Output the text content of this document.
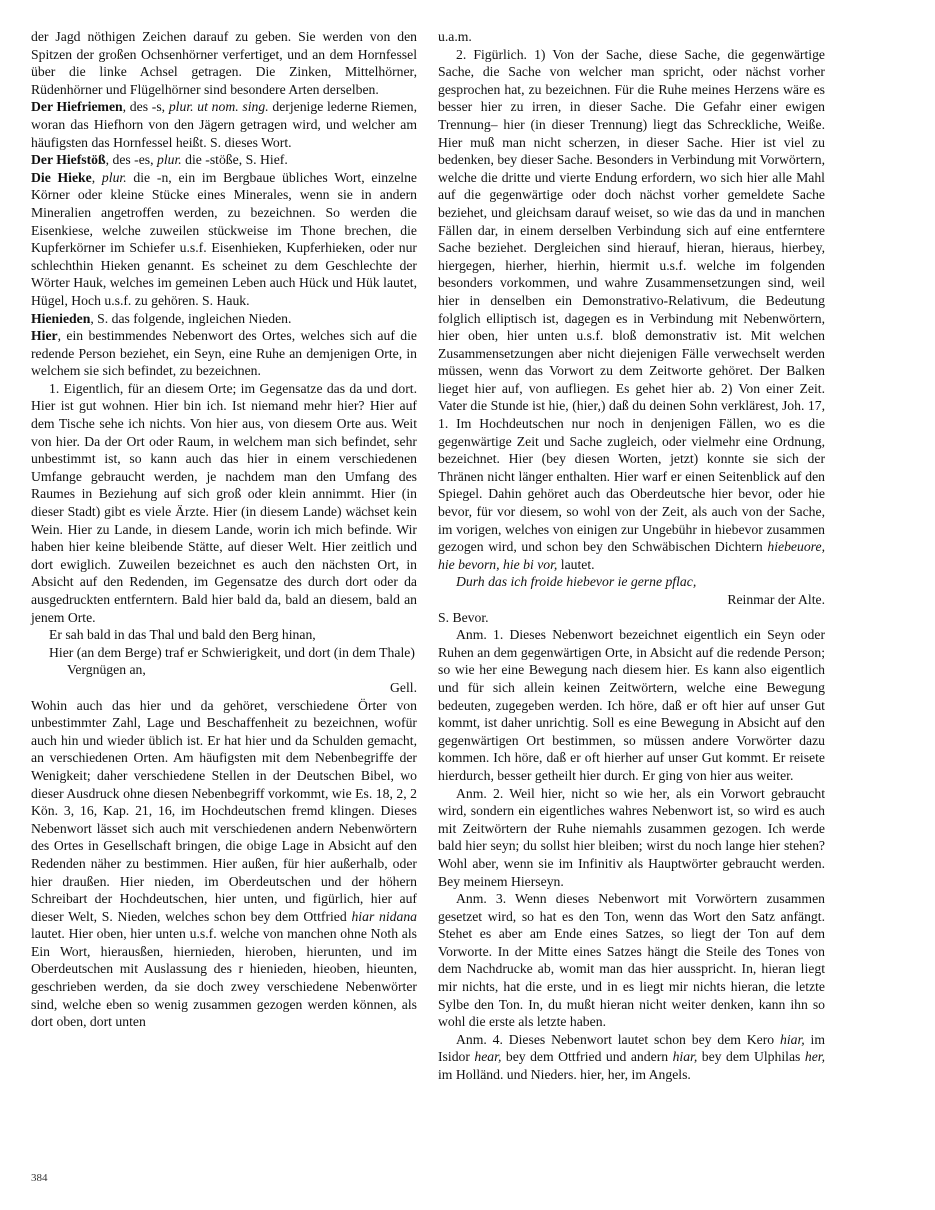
der Jagd nöthigen Zeichen darauf zu geben. Sie werden von den Spitzen der großen Ochsenhörner verfertiget, und an dem Hornfessel über die linke Achsel getragen. Die Zinken, Mittelhörner, Rüdenhörner und Flügelhörner sind besondere Arten derselben.

Der Hiefriemen, des -s, plur. ut nom. sing. derjenige lederne Riemen, woran das Hiefhorn von den Jägern getragen wird, und welcher am häufigsten das Hornfessel heißt. S. dieses Wort.

Der Hiefstöß, des -es, plur. die -stöße, S. Hief.

Die Hieke, plur. die -n, ein im Bergbaue übliches Wort, einzelne Körner oder kleine Stücke eines Minerales, wenn sie in andern Mineralien angetroffen werden, zu bezeichnen. So werden die Eisenkiese, welche zuweilen stückweise im Thone brechen, die Kupferkörner im Schiefer u.s.f. Eisenhieken, Kupferhieken, oder nur schlechthin Hieken genannt. Es scheinet zu dem Geschlechte der Wörter Hauk, welches im gemeinen Leben auch Hück und Hük lautet, Hügel, Hoch u.s.f. zu gehören. S. Hauk.

Hienieden, S. das folgende, ingleichen Nieden.

Hier, ein bestimmendes Nebenwort des Ortes, welches sich auf die redende Person beziehet, ein Seyn, eine Ruhe an demjenigen Orte, in welchem sie sich befindet, zu bezeichnen.

1. Eigentlich, für an diesem Orte; im Gegensatze das da und dort. Hier ist gut wohnen. Hier bin ich. Ist niemand mehr hier? Hier auf dem Tische sehe ich nichts. Von hier aus, von diesem Orte aus. Weit von hier. Da der Ort oder Raum, in welchem man sich befindet, sehr unbestimmt ist, so kann auch das hier in einem verschiedenen Umfange gebraucht werden, je nachdem man den Umfang des Raumes in Beziehung auf sich groß oder klein annimmt. Hier (in dieser Stadt) gibt es viele Ärzte. Hier (in diesem Lande) wächset kein Wein. Hier zu Lande, in diesem Lande, worin ich mich befinde. Wir haben hier keine bleibende Stätte, auf dieser Welt. Hier zeitlich und dort ewiglich. Zuweilen bezeichnet es auch den nächsten Ort, in Absicht auf den Redenden, im Gegensatze des durch dort oder da ausgedruckten entferntern. Bald hier bald da, bald an diesem, bald an jenem Orte.

Er sah bald in das Thal und bald den Berg hinan,

Hier (an dem Berge) traf er Schwierigkeit, und dort (in dem Thale) Vergnügen an,

Gell.

Wohin auch das hier und da gehöret, verschiedene Örter von unbestimmter Zahl, Lage und Beschaffenheit zu bezeichnen, wofür auch hin und wieder üblich ist. Er hat hier und da Schulden gemacht, an verschiedenen Orten. Am häufigsten mit dem Nebenbegriffe der Wenigkeit; daher verschiedene Stellen in der Deutschen Bibel, wo dieser Ausdruck ohne diesen Nebenbegriff vorkommt, wie Es. 18, 2, 2 Kön. 3, 16, Kap. 21, 16, im Hochdeutschen fremd klingen. Dieses Nebenwort lässet sich auch mit verschiedenen andern Nebenwörtern des Ortes in Gesellschaft bringen, die obige Lage in Absicht auf den Redenden näher zu bestimmen. Hier außen, für hier außerhalb, oder hier draußen. Hier nieden, im Oberdeutschen und der höhern Schreibart der Hochdeutschen, hier unten, und figürlich, hier auf dieser Welt, S. Nieden, welches schon bey dem Ottfried hiar nidana lautet. Hier oben, hier unten u.s.f. welche von manchen ohne Noth als Ein Wort, hierausßen, hiernieden, hieroben, hierunten, und im Oberdeutschen mit Auslassung des r hienieden, hieoben, hieunten, geschrieben werden, da sie doch zwey verschiedene Nebenwörter sind, welche eben so wenig zusammen gezogen werden können, als dort oben, dort unten

u.a.m.

2. Figürlich. 1) Von der Sache, diese Sache, die gegenwärtige Sache, die Sache von welcher man spricht, oder nächst vorher gesprochen hat, zu bezeichnen. Für die Ruhe meines Herzens wäre es besser hier zu irren, in dieser Sache. Die Gefahr einer ewigen Trennung– hier (in dieser Trennung) liegt das Schreckliche, Weiße. Hier muß man nicht scherzen, in dieser Sache. Hier ist viel zu bedenken, bey dieser Sache. Besonders in Verbindung mit Vorwörtern, welche die dritte und vierte Endung erfordern, wo sich hier alle Mahl auf die gegenwärtige oder doch nächst vorher gemeldete Sache beziehet, und gleichsam darauf weiset, so wie das da und in manchen Fällen dar, in einem derselben Verbindung sich auf eine entferntere Sache beziehet. Dergleichen sind hierauf, hieran, hieraus, hierbey, hiergegen, hierher, hierhin, hiermit u.s.f. welche im folgenden besonders vorkommen, und wahre Zusammensetzungen sind, weil hier in denselben ein Demonstrativo-Relativum, die Bedeutung folglich elliptisch ist, dagegen es in Verbindung mit Nebenwörtern, hier oben, hier unten u.s.f. bloß demonstrativ ist. Mit welchen Zusammensetzungen aber nicht diejenigen Fälle verwechselt werden müssen, wenn das Vorwort zu dem Zeitworte gehöret. Der Balken lieget hier auf, von aufliegen. Es gehet hier ab. 2) Von einer Zeit. Vater die Stunde ist hie, (hier,) daß du deinen Sohn verklärest, Joh. 17, 1. Im Hochdeutschen nur noch in denjenigen Fällen, wo es die gegenwärtige Zeit und Sache zugleich, oder vielmehr eine Ordnung, bezeichnet. Hier (bey diesen Worten, jetzt) konnte sie sich der Thränen nicht länger enthalten. Hier warf er einen Seitenblick auf den Spiegel. Dahin gehöret auch das Oberdeutsche hier bevor, oder hie bevor, für vor diesem, so wohl von der Zeit, als auch von der Sache, im vorigen, welches von einigen zur Ungebühr in hiebevor zusammen gezogen wird, und schon bey den Schwäbischen Dichtern hiebeuore, hie bevorn, hie bi vor, lautet.

Durh das ich froide hiebevor ie gerne pflac,

Reinmar der Alte.

S. Bevor.

Anm. 1. Dieses Nebenwort bezeichnet eigentlich ein Seyn oder Ruhen an dem gegenwärtigen Orte, in Absicht auf die redende Person; so wie her eine Bewegung nach diesem hier. Es kann also eigentlich und für sich allein keinen Zeitwörtern, welche eine Bewegung bedeuten, zugegeben werden. Ich höre, daß er oft hier auf unser Gut kommt, ist daher unrichtig. Soll es eine Bewegung in Absicht auf den gegenwärtigen Ort bestimmen, so müssen andere Vorwörter dazu kommen. Ich höre, daß er oft hierher auf unser Gut kommt. Er reisete hierdurch, besser getheilt hier durch. Er ging von hier aus weiter.

Anm. 2. Weil hier, nicht so wie her, als ein Vorwort gebraucht wird, sondern ein eigentliches wahres Nebenwort ist, so wird es auch mit Zeitwörtern der Ruhe niemahls zusammen gezogen. Ich werde bald hier seyn; du sollst hier bleiben; wirst du noch lange hier stehen? Wohl aber, wenn sie im Infinitiv als Hauptwörter gebraucht werden. Bey meinem Hierseyn.

Anm. 3. Wenn dieses Nebenwort mit Vorwörtern zusammen gesetzet wird, so hat es den Ton, wenn das Wort den Satz anfängt. Stehet es aber am Ende eines Satzes, so liegt der Ton auf dem Vorworte. In der Mitte eines Satzes hängt die Steile des Tones von dem Nachdrucke ab, womit man das hier ausspricht. In, hieran liegt mir nichts, hat die erste, und in es liegt mir nichts hieran, die letzte Sylbe den Ton. In, du mußt hieran nicht weiter denken, kann ihn so wohl die erste als letzte haben.

Anm. 4. Dieses Nebenwort lautet schon bey dem Kero hiar, im Isidor hear, bey dem Ottfried und andern hiar, bey dem Ulphilas her, im Holländ. und Nieders. hier, her, im Angels.

384
